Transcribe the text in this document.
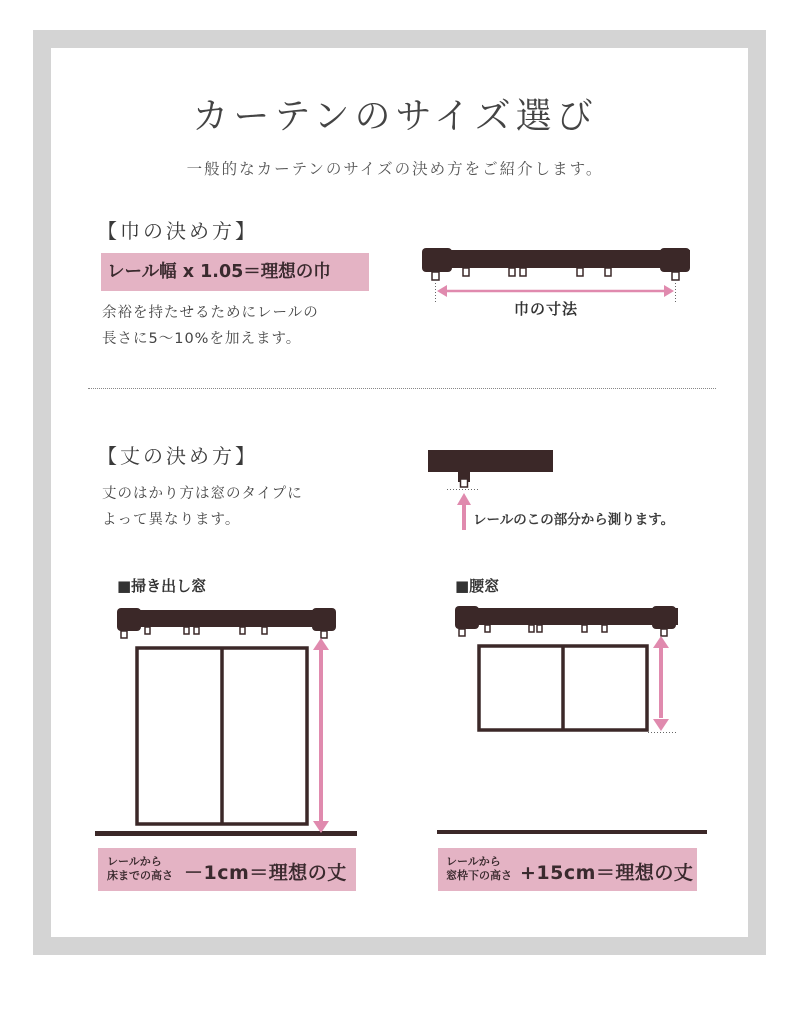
カーテンのサイズ選び
一般的なカーテンのサイズの決め方をご紹介します。
【巾の決め方】
レール幅 x 1.05＝理想の巾
余裕を持たせるためにレールの
長さに5～10%を加えます。
巾の寸法
【丈の決め方】
丈のはかり方は窓のタイプに
よって異なります。	レールのこの部分から測ります。
■掃き出し窓
レールから
床までの高さ －1cm＝理想の丈
■腰窓
レールから
窓枠下の高さ +15cm＝理想の丈
